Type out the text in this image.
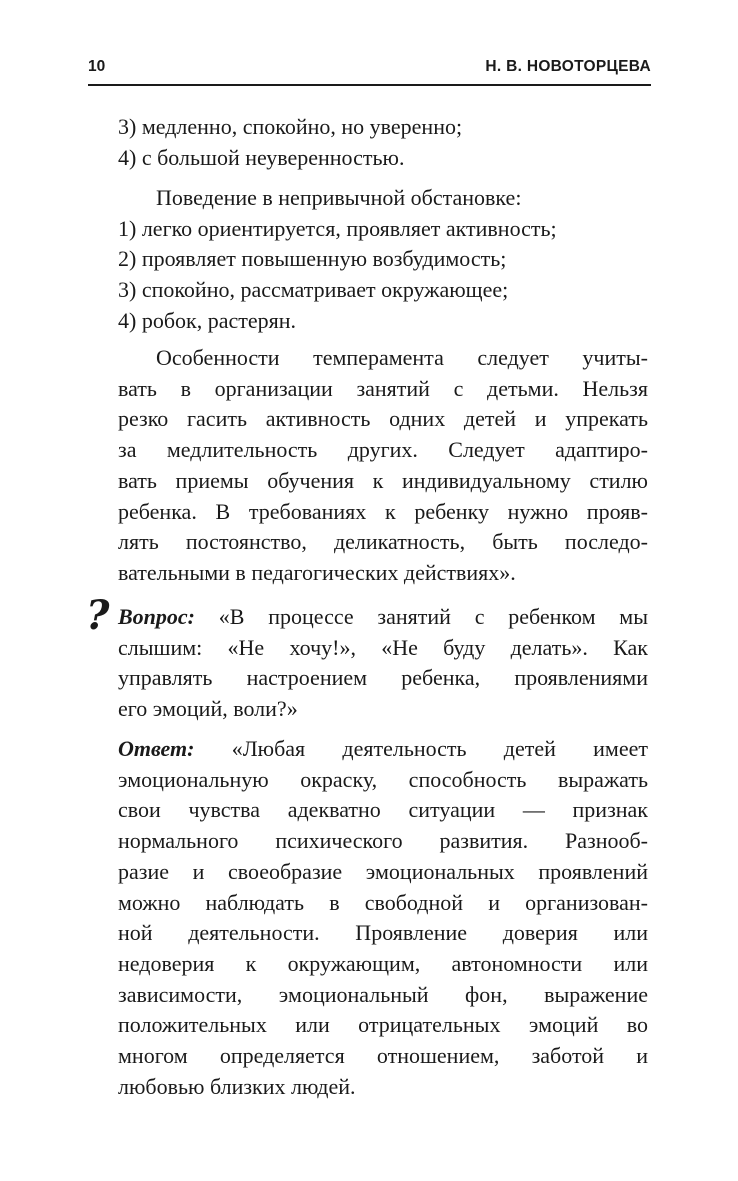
10	Н. В. НОВОТОРЦЕВА
3) медленно, спокойно, но уверенно;
4) с большой неуверенностью.
Поведение в непривычной обстановке:
1) легко ориентируется, проявляет активность;
2) проявляет повышенную возбудимость;
3) спокойно, рассматривает окружающее;
4) робок, растерян.
Особенности темперамента следует учиты-
вать в организации занятий с детьми. Нельзя
резко гасить активность одних детей и упрекать
за медлительность других. Следует адаптиро-
вать приемы обучения к индивидуальному стилю
ребенка. В требованиях к ребенку нужно прояв-
лять постоянство, деликатность, быть последо-
вательными в педагогических действиях».
? Вопрос: «В процессе занятий с ребенком мы
слышим: «Не хочу!», «Не буду делать». Как
управлять настроением ребенка, проявлениями
его эмоций, воли?»
Ответ: «Любая деятельность детей имеет
эмоциональную окраску, способность выражать
свои чувства адекватно ситуации — признак
нормального психического развития. Разнооб-
разие и своеобразие эмоциональных проявлений
можно наблюдать в свободной и организован-
ной деятельности. Проявление доверия или
недоверия к окружающим, автономности или
зависимости, эмоциональный фон, выражение
положительных или отрицательных эмоций во
многом определяется отношением, заботой и
любовью близких людей.
